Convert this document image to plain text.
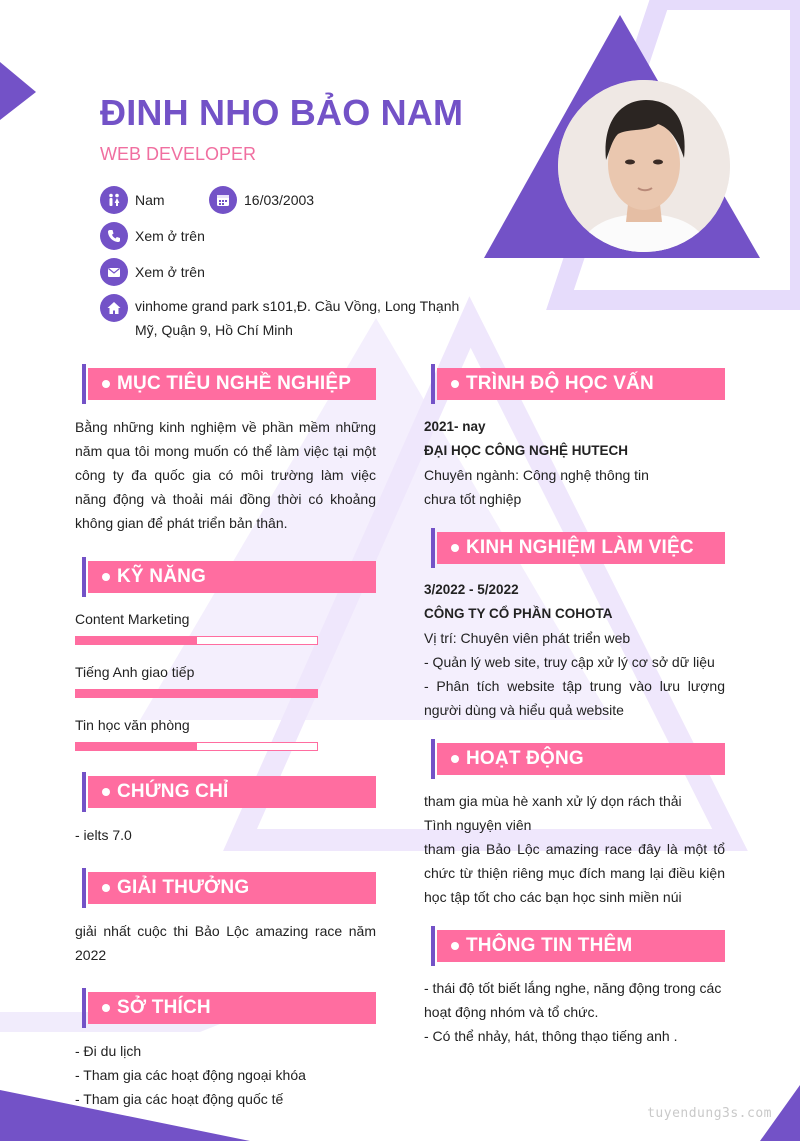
ĐINH NHO BẢO NAM
WEB DEVELOPER
Nam	16/03/2003
Xem ở trên
Xem ở trên
vinhome grand park s101,Đ. Cầu Vồng, Long Thạnh
Mỹ, Quận 9, Hồ Chí Minh
MỤC TIÊU NGHỀ NGHIỆP
Bằng những kinh nghiệm về phần mềm những năm qua tôi mong muốn có thể làm việc tại một công ty đa quốc gia có môi trường làm việc năng động và thoải mái đồng thời có khoảng không gian để phát triển bản thân.
KỸ NĂNG
Content Marketing
Tiếng Anh giao tiếp
Tin học văn phòng
CHỨNG CHỈ
- ielts 7.0
GIẢI THƯỞNG
giải nhất cuộc thi Bảo Lộc amazing race năm 2022
SỞ THÍCH
- Đi du lịch
- Tham gia các hoạt động ngoại khóa
- Tham gia các hoạt động quốc tế
TRÌNH ĐỘ HỌC VẤN
2021- nay
ĐẠI HỌC CÔNG NGHỆ HUTECH
Chuyên ngành: Công nghệ thông tin
chưa tốt nghiệp
KINH NGHIỆM LÀM VIỆC
3/2022 - 5/2022
CÔNG TY CỔ PHẦN COHOTA
Vị trí: Chuyên viên phát triển web
- Quản lý web site, truy cập xử lý cơ sở dữ liệu
- Phân tích website tập trung vào lưu lượng người dùng và hiểu quả website
HOẠT ĐỘNG
tham gia mùa hè xanh xử lý dọn rách thải
Tình nguyện viên
tham gia Bảo Lộc amazing race đây là một tổ chức từ thiện riêng mục đích mang lại điều kiện học tập tốt cho các bạn học sinh miền núi
THÔNG TIN THÊM
- thái độ tốt biết lắng nghe, năng động trong các hoạt động nhóm và tổ chức.
- Có thể nhảy, hát, thông thạo tiếng anh .
tuyendung3s.com
